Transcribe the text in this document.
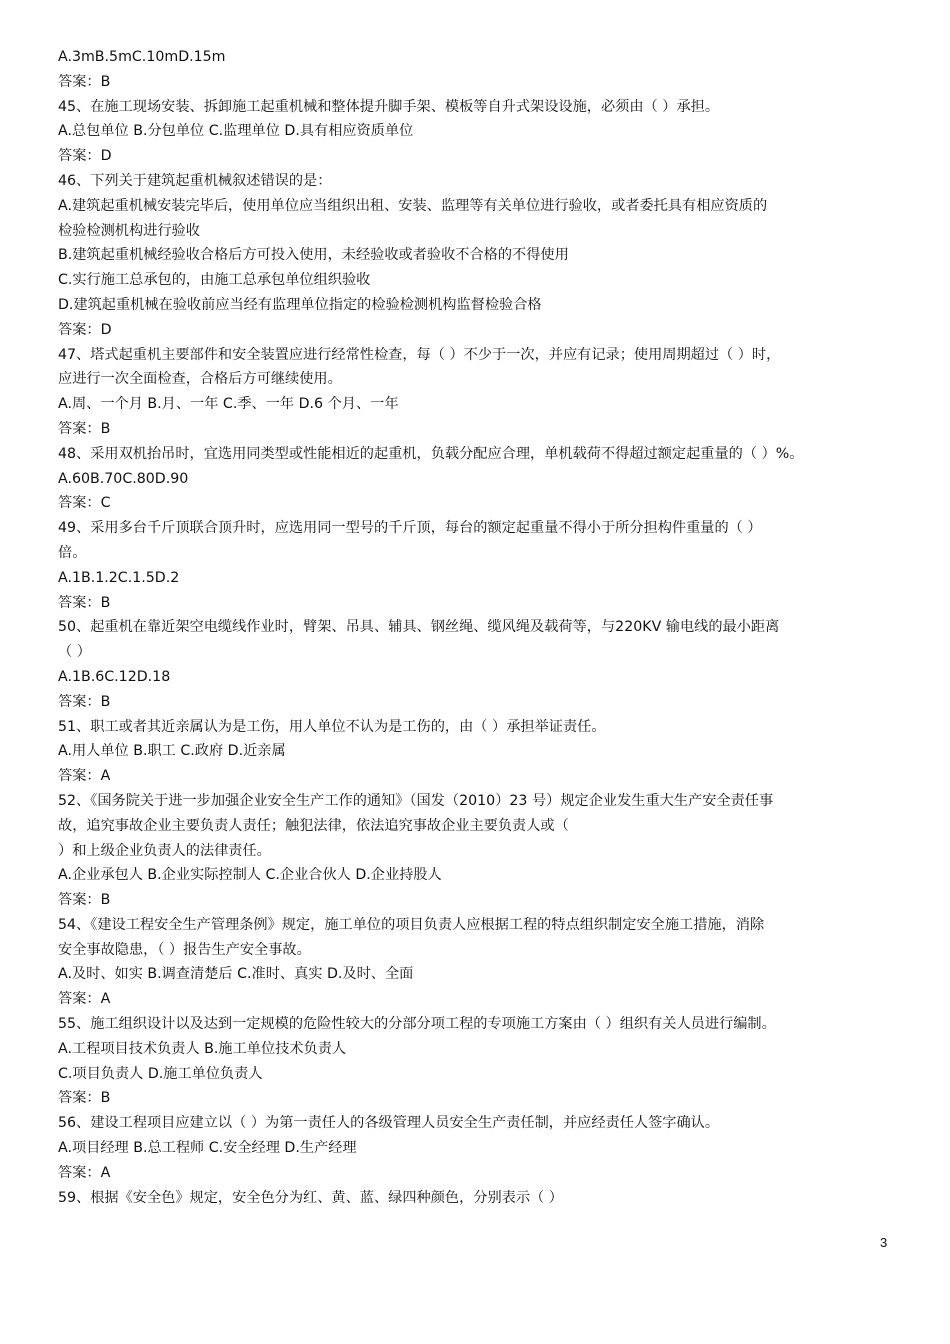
A.3mB.5mC.10mD.15m
答案：B
45、在施工现场安装、拆卸施工起重机械和整体提升脚手架、模板等自升式架设设施，必须由（ ）承担。
A.总包单位 B.分包单位 C.监理单位 D.具有相应资质单位
答案：D
46、下列关于建筑起重机械叙述错误的是：
A.建筑起重机械安装完毕后，使用单位应当组织出租、安装、监理等有关单位进行验收，或者委托具有相应资质的
检验检测机构进行验收
B.建筑起重机械经验收合格后方可投入使用，未经验收或者验收不合格的不得使用
C.实行施工总承包的，由施工总承包单位组织验收
D.建筑起重机械在验收前应当经有监理单位指定的检验检测机构监督检验合格
答案：D
47、塔式起重机主要部件和安全装置应进行经常性检查，每（ ）不少于一次，并应有记录；使用周期超过（ ）时，
应进行一次全面检查，合格后方可继续使用。
A.周、一个月 B.月、一年 C.季、一年 D.6 个月、一年
答案：B
48、采用双机抬吊时，宜选用同类型或性能相近的起重机，负载分配应合理，单机载荷不得超过额定起重量的（ ）%。
A.60B.70C.80D.90
答案：C
49、采用多台千斤顶联合顶升时，应选用同一型号的千斤顶，每台的额定起重量不得小于所分担构件重量的（ ）
倍。
A.1B.1.2C.1.5D.2
答案：B
50、起重机在靠近架空电缆线作业时，臂架、吊具、辅具、钢丝绳、缆风绳及载荷等，与220KV 输电线的最小距离
（ ）
A.1B.6C.12D.18
答案：B
51、职工或者其近亲属认为是工伤，用人单位不认为是工伤的，由（ ）承担举证责任。
A.用人单位 B.职工 C.政府 D.近亲属
答案：A
52、《国务院关于进一步加强企业安全生产工作的通知》（国发（2010）23 号）规定企业发生重大生产安全责任事
故，追究事故企业主要负责人责任；触犯法律，依法追究事故企业主要负责人或（
）和上级企业负责人的法律责任。
A.企业承包人 B.企业实际控制人 C.企业合伙人 D.企业持股人
答案：B
54、《建设工程安全生产管理条例》规定，施工单位的项目负责人应根据工程的特点组织制定安全施工措施，消除
安全事故隐患，（ ）报告生产安全事故。
A.及时、如实 B.调查清楚后 C.准时、真实 D.及时、全面
答案：A
55、施工组织设计以及达到一定规模的危险性较大的分部分项工程的专项施工方案由（ ）组织有关人员进行编制。
A.工程项目技术负责人 B.施工单位技术负责人
C.项目负责人 D.施工单位负责人
答案：B
56、建设工程项目应建立以（ ）为第一责任人的各级管理人员安全生产责任制，并应经责任人签字确认。
A.项目经理 B.总工程师 C.安全经理 D.生产经理
答案：A
59、根据《安全色》规定，安全色分为红、黄、蓝、绿四种颜色，分别表示（ ）
3
